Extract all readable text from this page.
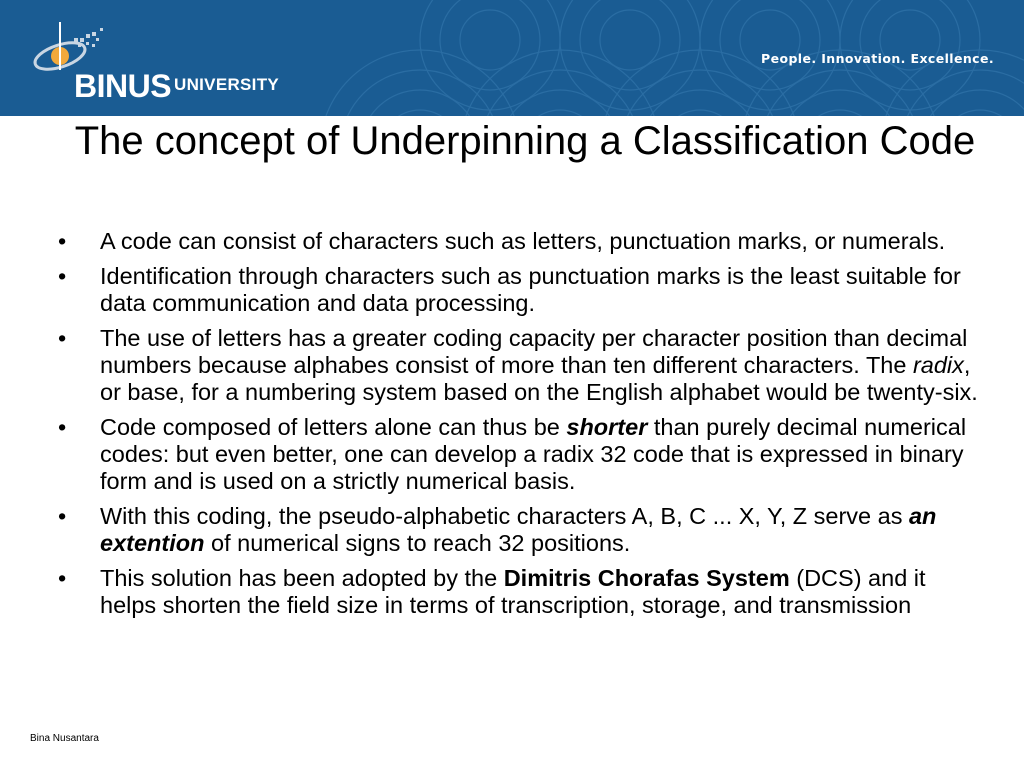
BINUS UNIVERSITY
People. Innovation. Excellence.
The concept of Underpinning a Classification Code
• A code can consist of characters such as letters, punctuation marks, or numerals.
• Identification through characters such as punctuation marks is the least suitable for data communication and data processing.
• The use of letters has a greater coding capacity per character position than decimal numbers because alphabes consist of more than ten different characters. The radix, or base, for a numbering system based on the English alphabet would be twenty-six.
• Code composed of letters alone can thus be shorter than purely decimal numerical codes: but even better, one can develop a radix 32 code that is expressed in binary form and is used on a strictly numerical basis.
• With this coding, the pseudo-alphabetic characters A, B, C ... X, Y, Z serve as an extention of numerical signs to reach 32 positions.
• This solution has been adopted by the Dimitris Chorafas System (DCS) and it helps shorten the field size in terms of transcription, storage, and transmission
Bina Nusantara
